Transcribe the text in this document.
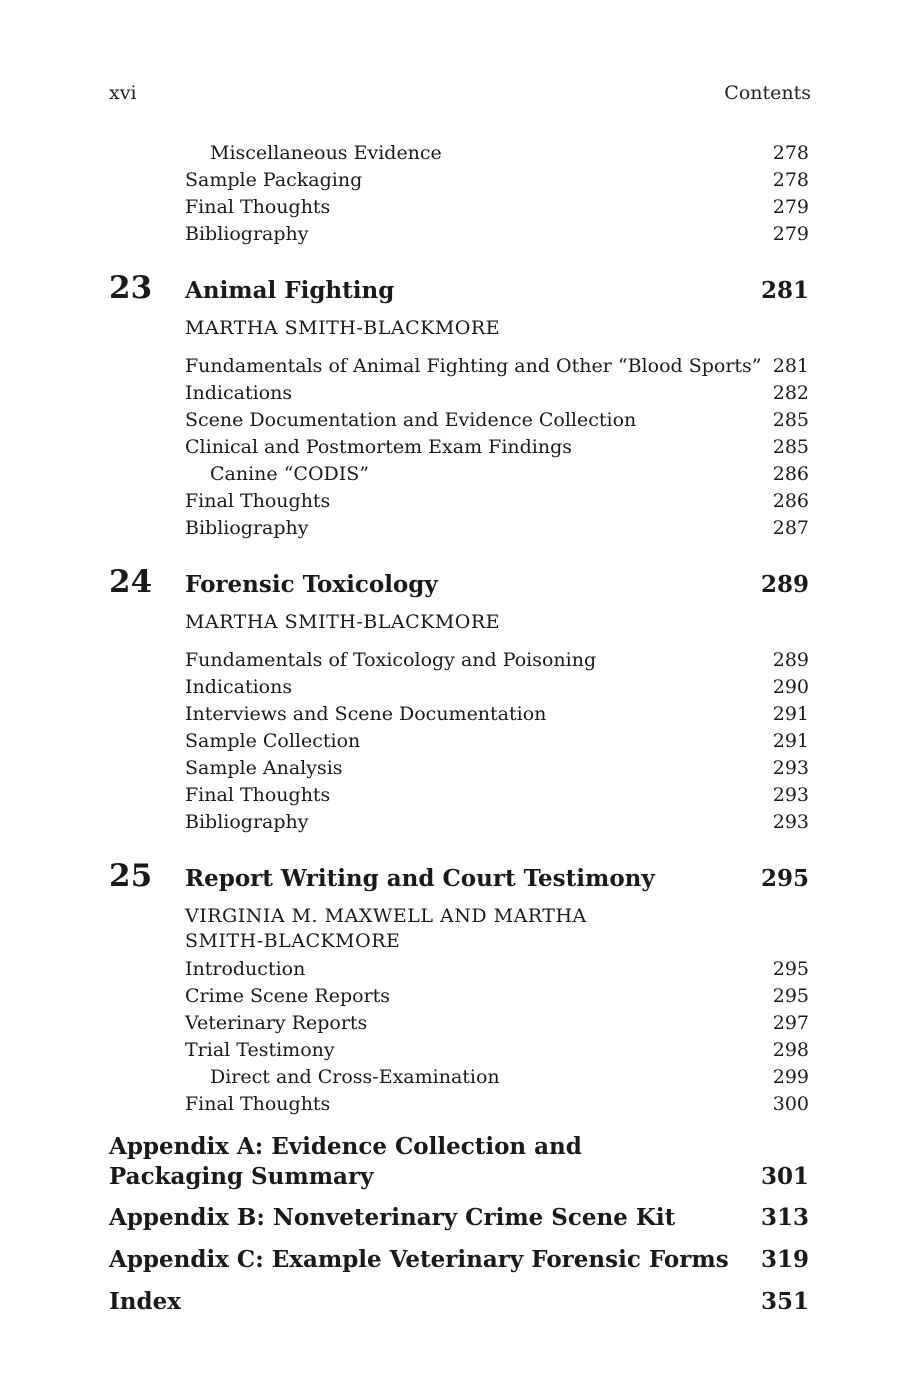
xvi	Contents
Miscellaneous Evidence	278
Sample Packaging	278
Final Thoughts	279
Bibliography	279
23	Animal Fighting	281
MARTHA SMITH-BLACKMORE
Fundamentals of Animal Fighting and Other “Blood Sports” 281
Indications	282
Scene Documentation and Evidence Collection	285
Clinical and Postmortem Exam Findings	285
Canine “CODIS”	286
Final Thoughts	286
Bibliography	287
24	Forensic Toxicology	289
MARTHA SMITH-BLACKMORE
Fundamentals of Toxicology and Poisoning	289
Indications	290
Interviews and Scene Documentation	291
Sample Collection	291
Sample Analysis	293
Final Thoughts	293
Bibliography	293
25	Report Writing and Court Testimony	295
VIRGINIA M. MAXWELL AND MARTHA
SMITH-BLACKMORE
Introduction	295
Crime Scene Reports	295
Veterinary Reports	297
Trial Testimony	298
Direct and Cross-Examination	299
Final Thoughts	300
Appendix A: Evidence Collection and
Packaging Summary	301
Appendix B: Nonveterinary Crime Scene Kit	313
Appendix C: Example Veterinary Forensic Forms 319
Index	351
